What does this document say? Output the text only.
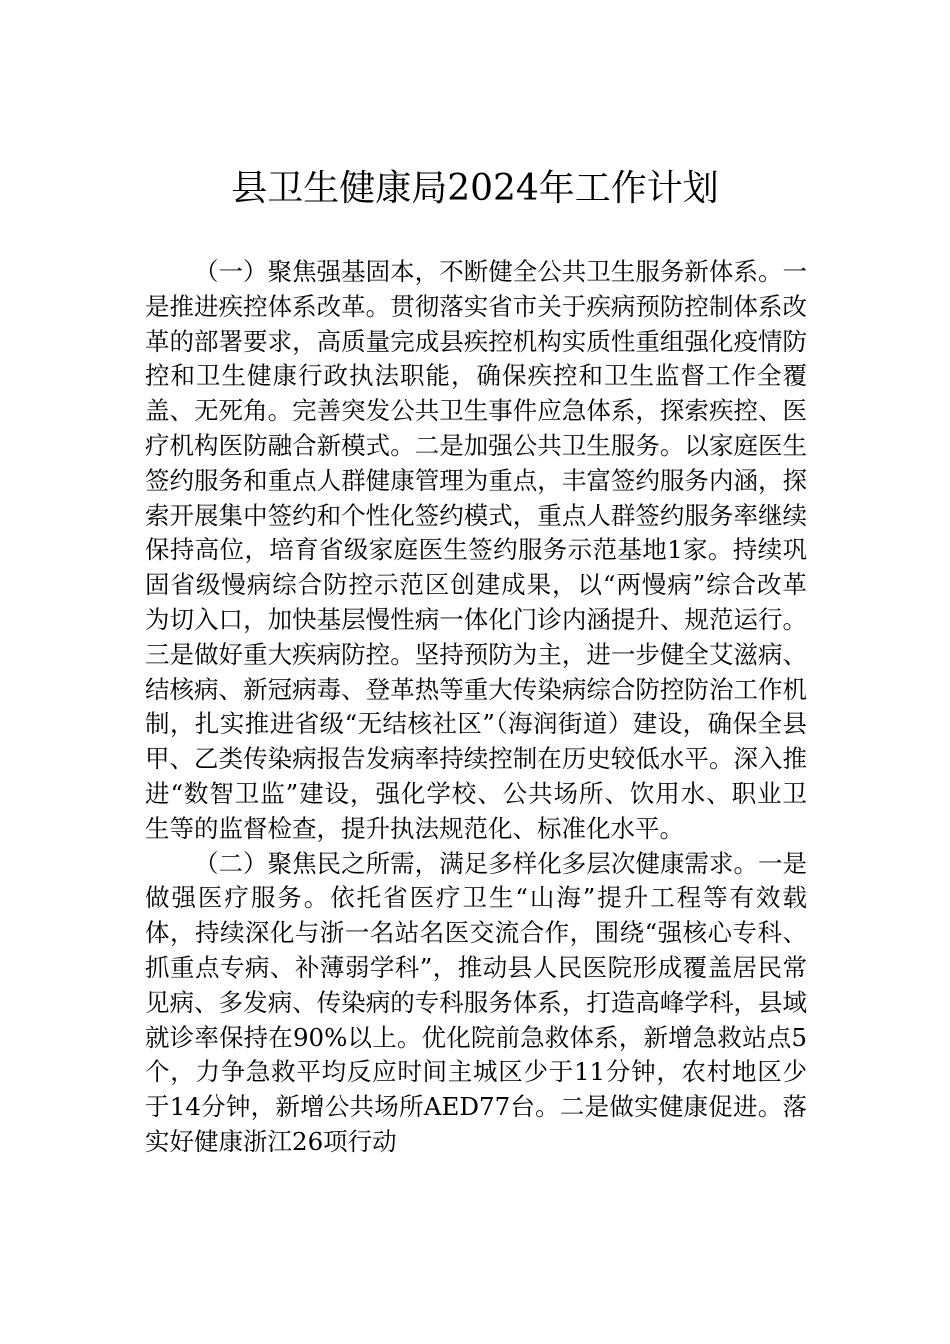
县卫生健康局2024年工作计划

（一）聚焦强基固本，不断健全公共卫生服务新体系。一是推进疾控体系改革。贯彻落实省市关于疾病预防控制体系改革的部署要求，高质量完成县疾控机构实质性重组强化疫情防控和卫生健康行政执法职能，确保疾控和卫生监督工作全覆盖、无死角。完善突发公共卫生事件应急体系，探索疾控、医疗机构医防融合新模式。二是加强公共卫生服务。以家庭医生签约服务和重点人群健康管理为重点，丰富签约服务内涵，探索开展集中签约和个性化签约模式，重点人群签约服务率继续保持高位，培育省级家庭医生签约服务示范基地1家。持续巩固省级慢病综合防控示范区创建成果，以“两慢病”综合改革为切入口，加快基层慢性病一体化门诊内涵提升、规范运行。三是做好重大疾病防控。坚持预防为主，进一步健全艾滋病、结核病、新冠病毒、登革热等重大传染病综合防控防治工作机制，扎实推进省级“无结核社区”（海润街道）建设，确保全县甲、乙类传染病报告发病率持续控制在历史较低水平。深入推进“数智卫监”建设，强化学校、公共场所、饮用水、职业卫生等的监督检查，提升执法规范化、标准化水平。

（二）聚焦民之所需，满足多样化多层次健康需求。一是做强医疗服务。依托省医疗卫生“山海”提升工程等有效载体，持续深化与浙一名站名医交流合作，围绕“强核心专科、抓重点专病、补薄弱学科”，推动县人民医院形成覆盖居民常见病、多发病、传染病的专科服务体系，打造高峰学科，县域就诊率保持在90%以上。优化院前急救体系，新增急救站点5个，力争急救平均反应时间主城区少于11分钟，农村地区少于14分钟，新增公共场所AED77台。二是做实健康促进。落实好健康浙江26项行动
